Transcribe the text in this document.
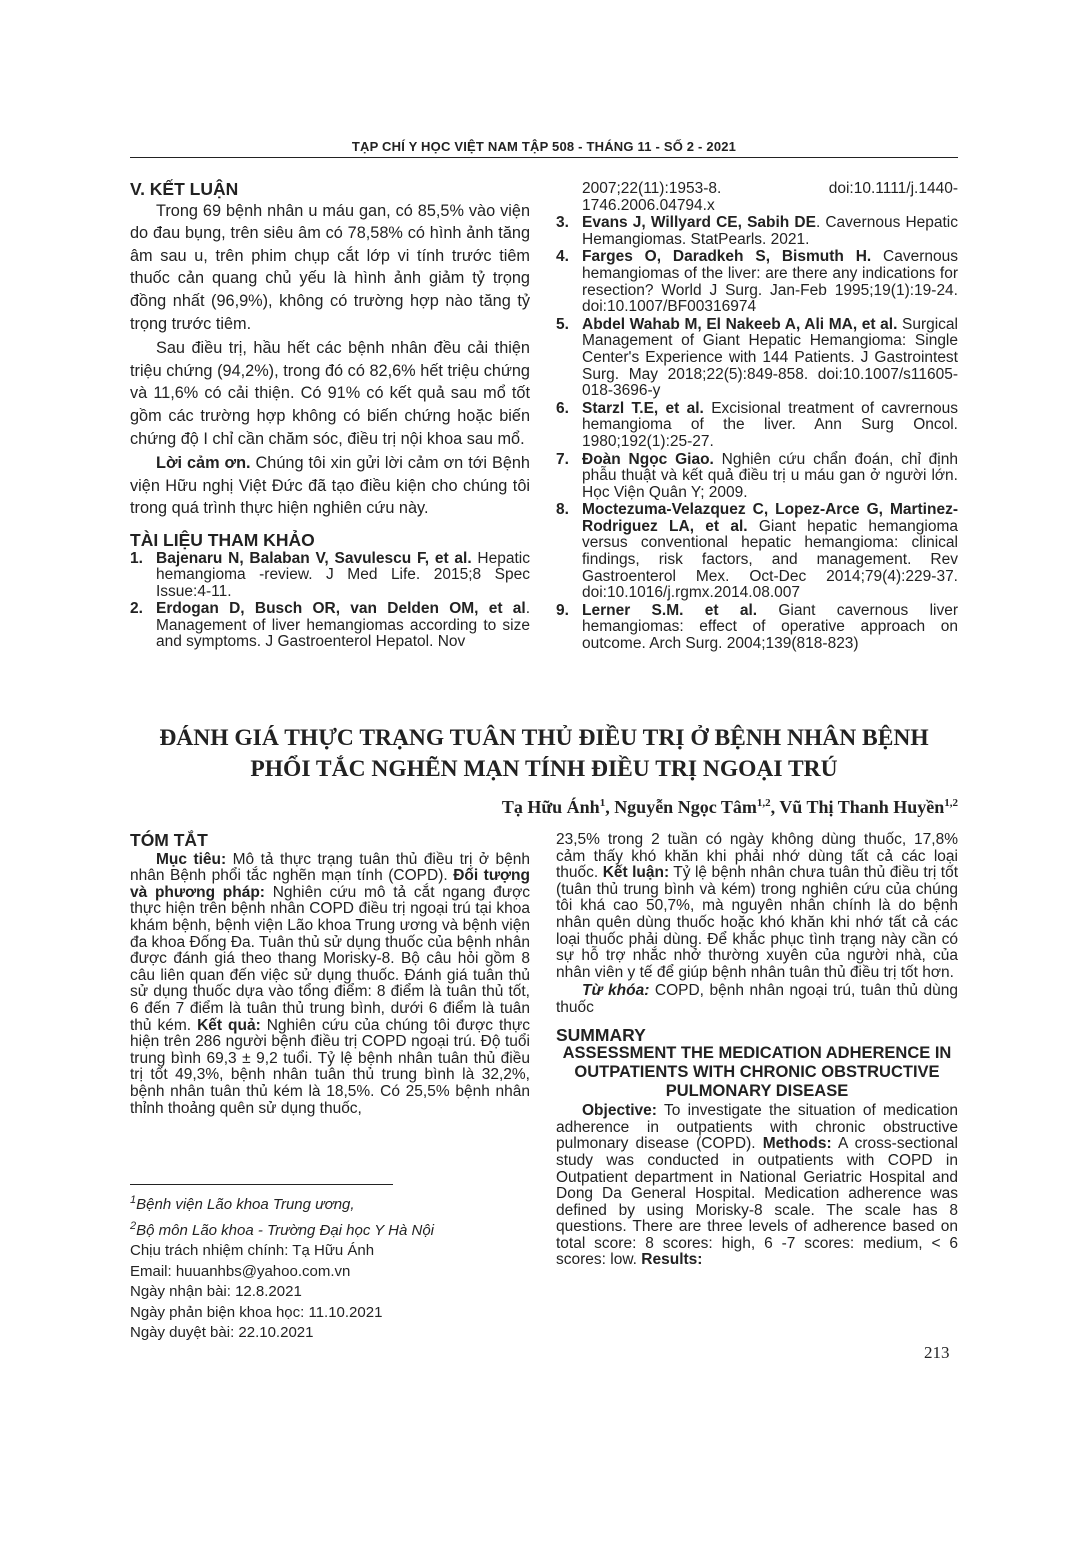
TẠP CHÍ Y HỌC VIỆT NAM TẬP 508 - THÁNG 11 - SỐ 2 - 2021
V. KẾT LUẬN

Trong 69 bệnh nhân u máu gan, có 85,5% vào viện do đau bụng, trên siêu âm có 78,58% có hình ảnh tăng âm sau u, trên phim chụp cắt lớp vi tính trước tiêm thuốc cản quang chủ yếu là hình ảnh giảm tỷ trọng đồng nhất (96,9%), không có trường hợp nào tăng tỷ trọng trước tiêm.

Sau điều trị, hầu hết các bệnh nhân đều cải thiện triệu chứng (94,2%), trong đó có 82,6% hết triệu chứng và 11,6% có cải thiện. Có 91% có kết quả sau mổ tốt gồm các trường hợp không có biến chứng hoặc biến chứng độ I chỉ cần chăm sóc, điều trị nội khoa sau mổ.

Lời cảm ơn. Chúng tôi xin gửi lời cảm ơn tới Bệnh viện Hữu nghị Việt Đức đã tạo điều kiện cho chúng tôi trong quá trình thực hiện nghiên cứu này.

TÀI LIỆU THAM KHẢO
1. Bajenaru N, Balaban V, Savulescu F, et al. Hepatic hemangioma -review. J Med Life. 2015;8 Spec Issue:4-11.
2. Erdogan D, Busch OR, van Delden OM, et al. Management of liver hemangiomas according to size and symptoms. J Gastroenterol Hepatol. Nov
2007;22(11):1953-8. doi:10.1111/j.1440-1746.2006.04794.x
3. Evans J, Willyard CE, Sabih DE. Cavernous Hepatic Hemangiomas. StatPearls. 2021.
4. Farges O, Daradkeh S, Bismuth H. Cavernous hemangiomas of the liver: are there any indications for resection? World J Surg. Jan-Feb 1995;19(1):19-24. doi:10.1007/BF00316974
5. Abdel Wahab M, El Nakeeb A, Ali MA, et al. Surgical Management of Giant Hepatic Hemangioma: Single Center's Experience with 144 Patients. J Gastrointest Surg. May 2018;22(5):849-858. doi:10.1007/s11605-018-3696-y
6. Starzl T.E, et al. Excisional treatment of cavrernous hemangioma of the liver. Ann Surg Oncol. 1980;192(1):25-27.
7. Đoàn Ngọc Giao. Nghiên cứu chẩn đoán, chỉ định phẫu thuật và kết quả điều trị u máu gan ở người lớn. Học Viện Quân Y; 2009.
8. Moctezuma-Velazquez C, Lopez-Arce G, Martinez-Rodriguez LA, et al. Giant hepatic hemangioma versus conventional hepatic hemangioma: clinical findings, risk factors, and management. Rev Gastroenterol Mex. Oct-Dec 2014;79(4):229-37. doi:10.1016/j.rgmx.2014.08.007
9. Lerner S.M. et al. Giant cavernous liver hemangiomas: effect of operative approach on outcome. Arch Surg. 2004;139(818-823)
ĐÁNH GIÁ THỰC TRẠNG TUÂN THỦ ĐIỀU TRỊ Ở BỆNH NHÂN BỆNH
PHỔI TẮC NGHẼN MẠN TÍNH ĐIỀU TRỊ NGOẠI TRÚ
Tạ Hữu Ánh$^1$, Nguyễn Ngọc Tâm$^{1,2}$, Vũ Thị Thanh Huyền$^{1,2}$
TÓM TẮT

Mục tiêu: Mô tả thực trạng tuân thủ điều trị ở bệnh nhân Bệnh phổi tắc nghẽn mạn tính (COPD). Đối tượng và phương pháp: Nghiên cứu mô tả cắt ngang được thực hiện trên bệnh nhân COPD điều trị ngoại trú tại khoa khám bệnh, bệnh viện Lão khoa Trung ương và bệnh viện đa khoa Đống Đa. Tuân thủ sử dụng thuốc của bệnh nhân được đánh giá theo thang Morisky-8. Bộ câu hỏi gồm 8 câu liên quan đến việc sử dụng thuốc. Đánh giá tuân thủ sử dụng thuốc dựa vào tổng điểm: 8 điểm là tuân thủ tốt, 6 đến 7 điểm là tuân thủ trung bình, dưới 6 điểm là tuân thủ kém. Kết quả: Nghiên cứu của chúng tôi được thực hiện trên 286 người bệnh điều trị COPD ngoại trú. Độ tuổi trung bình 69,3 ± 9,2 tuổi. Tỷ lệ bệnh nhân tuân thủ điều trị tốt 49,3%, bệnh nhân tuân thủ trung bình là 32,2%, bệnh nhân tuân thủ kém là 18,5%. Có 25,5% bệnh nhân thỉnh thoảng quên sử dụng thuốc,

23,5% trong 2 tuần có ngày không dùng thuốc, 17,8% cảm thấy khó khăn khi phải nhớ dùng tất cả các loại thuốc. Kết luận: Tỷ lệ bệnh nhân chưa tuân thủ điều trị tốt (tuân thủ trung bình và kém) trong nghiên cứu của chúng tôi khá cao 50,7%, mà nguyên nhân chính là do bệnh nhân quên dùng thuốc hoặc khó khăn khi nhớ tất cả các loại thuốc phải dùng. Để khắc phục tình trạng này cần có sự hỗ trợ nhắc nhở thường xuyên của người nhà, của nhân viên y tế để giúp bệnh nhân tuân thủ điều trị tốt hơn.

Từ khóa: COPD, bệnh nhân ngoại trú, tuân thủ dùng thuốc

SUMMARY
ASSESSMENT THE MEDICATION ADHERENCE IN OUTPATIENTS WITH CHRONIC OBSTRUCTIVE PULMONARY DISEASE

Objective: To investigate the situation of medication adherence in outpatients with chronic obstructive pulmonary disease (COPD). Methods: A cross-sectional study was conducted in outpatients with COPD in Outpatient department in National Geriatric Hospital and Dong Da General Hospital. Medication adherence was defined by using Morisky-8 scale. The scale has 8 questions. There are three levels of adherence based on total score: 8 scores: high, 6 -7 scores: medium, < 6 scores: low. Results:

$^1$Bệnh viện Lão khoa Trung ương,
$^2$Bộ môn Lão khoa - Trường Đại học Y Hà Nội
Chịu trách nhiệm chính: Tạ Hữu Ánh
Email: huuanhbs@yahoo.com.vn
Ngày nhận bài: 12.8.2021
Ngày phản biện khoa học: 11.10.2021
Ngày duyệt bài: 22.10.2021
213
